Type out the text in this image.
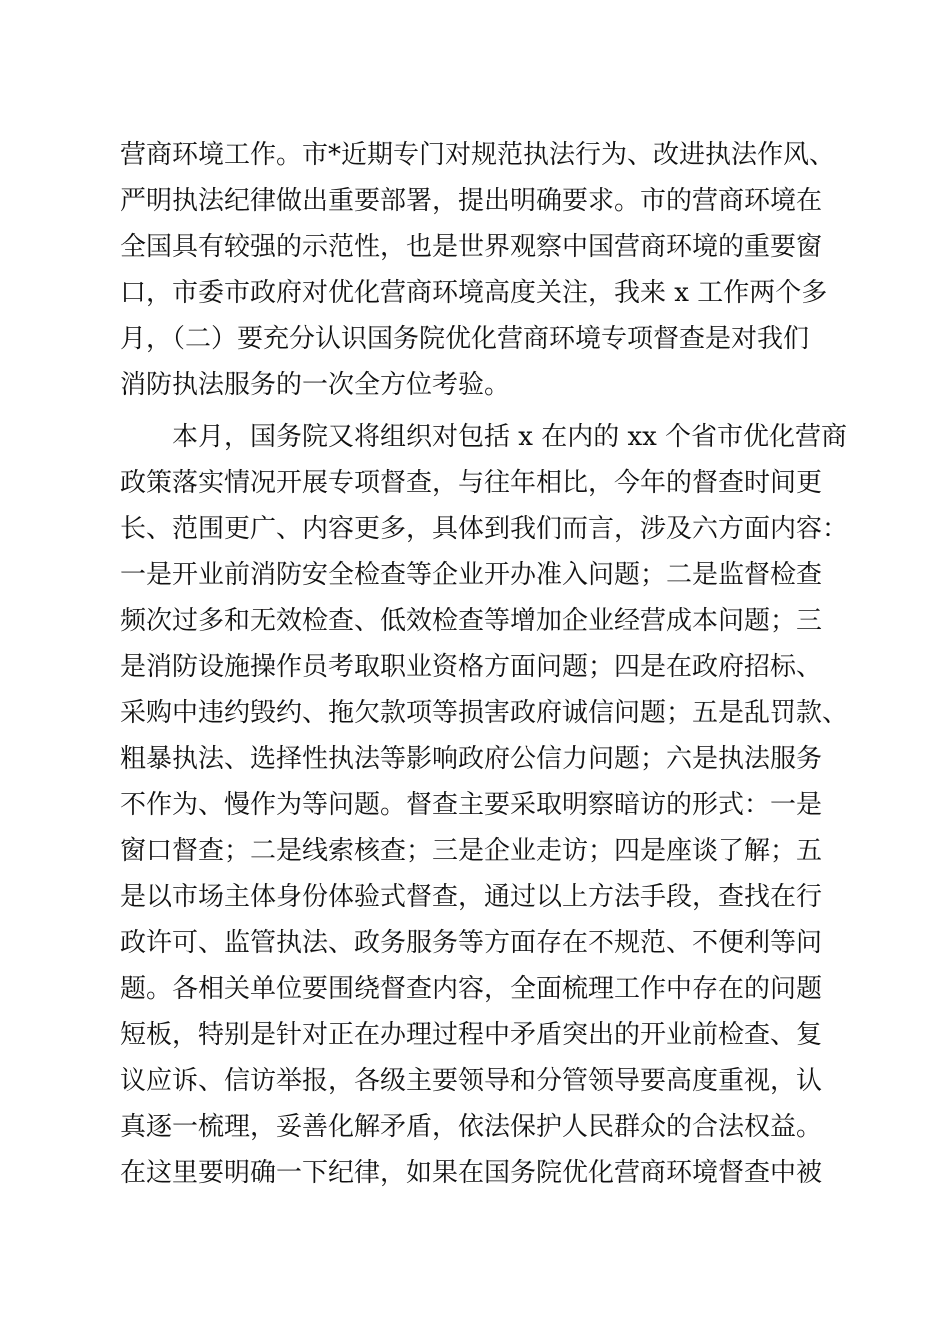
营商环境工作。市*近期专门对规范执法行为、改进执法作风、
严明执法纪律做出重要部署，提出明确要求。市的营商环境在
全国具有较强的示范性，也是世界观察中国营商环境的重要窗
口，市委市政府对优化营商环境高度关注，我来 x 工作两个多
月，（二）要充分认识国务院优化营商环境专项督查是对我们
消防执法服务的一次全方位考验。
　　本月，国务院又将组织对包括 x 在内的 xx 个省市优化营商
政策落实情况开展专项督查，与往年相比，今年的督查时间更
长、范围更广、内容更多，具体到我们而言，涉及六方面内容：
一是开业前消防安全检查等企业开办准入问题；二是监督检查
频次过多和无效检查、低效检查等增加企业经营成本问题；三
是消防设施操作员考取职业资格方面问题；四是在政府招标、
采购中违约毁约、拖欠款项等损害政府诚信问题；五是乱罚款、
粗暴执法、选择性执法等影响政府公信力问题；六是执法服务
不作为、慢作为等问题。督查主要采取明察暗访的形式：一是
窗口督查；二是线索核查；三是企业走访；四是座谈了解；五
是以市场主体身份体验式督查，通过以上方法手段，查找在行
政许可、监管执法、政务服务等方面存在不规范、不便利等问
题。各相关单位要围绕督查内容，全面梳理工作中存在的问题
短板，特别是针对正在办理过程中矛盾突出的开业前检查、复
议应诉、信访举报，各级主要领导和分管领导要高度重视，认
真逐一梳理，妥善化解矛盾，依法保护人民群众的合法权益。
在这里要明确一下纪律，如果在国务院优化营商环境督查中被
